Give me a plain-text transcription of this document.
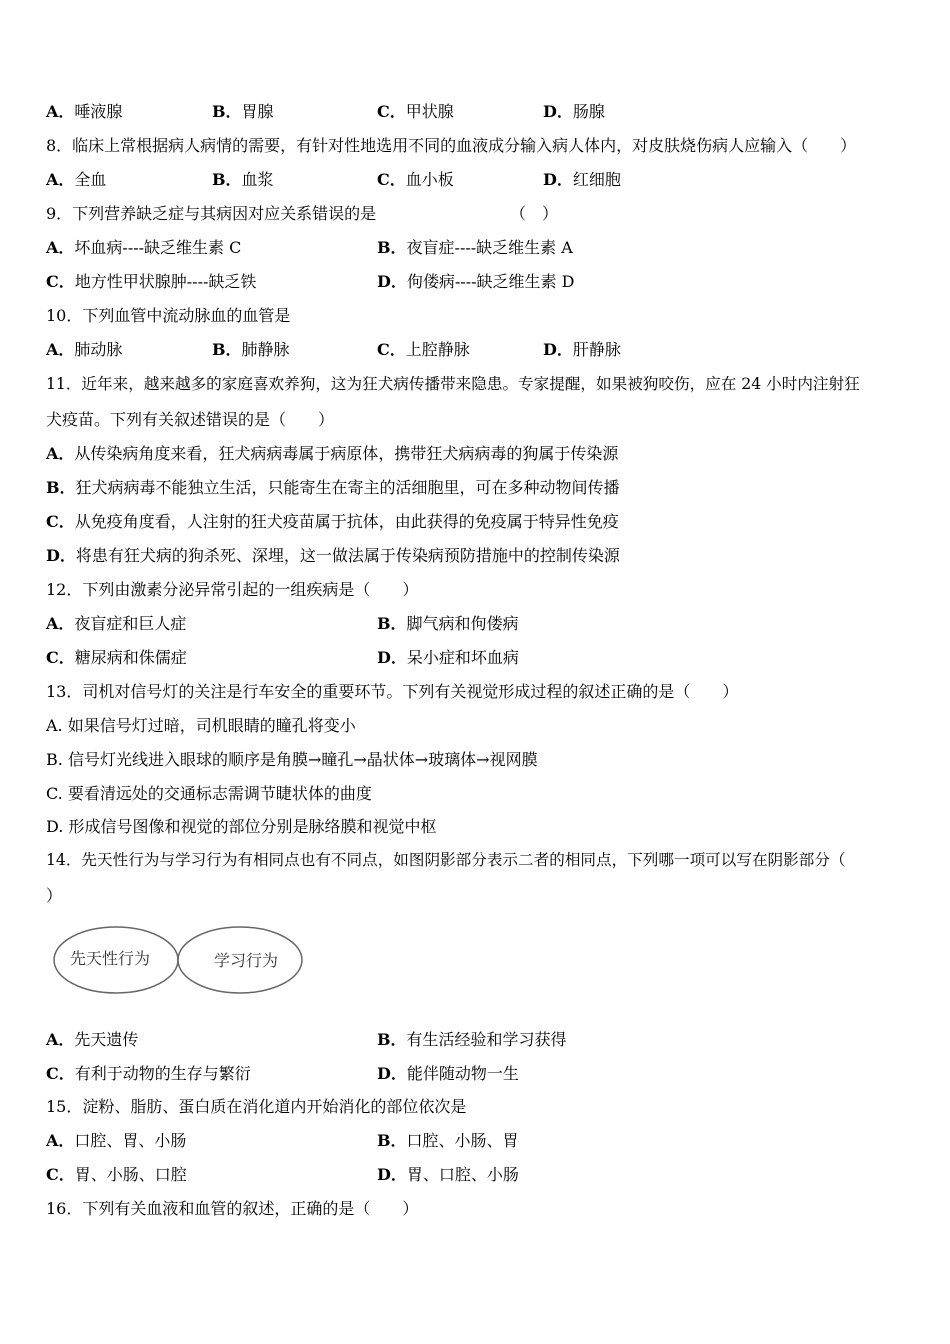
A．唾液腺	B．胃腺	C．甲状腺	D．肠腺
8．临床上常根据病人病情的需要，有针对性地选用不同的血液成分输入病人体内，对皮肤烧伤病人应输入（　　）
A．全血	B．血浆	C．血小板	D．红细胞
9．下列营养缺乏症与其病因对应关系错误的是	（　）
A．坏血病----缺乏维生素 C	B．夜盲症----缺乏维生素 A
C．地方性甲状腺肿----缺乏铁	D．佝偻病----缺乏维生素 D
10．下列血管中流动脉血的血管是
A．肺动脉	B．肺静脉	C．上腔静脉	D．肝静脉
11．近年来，越来越多的家庭喜欢养狗，这为狂犬病传播带来隐患。专家提醒，如果被狗咬伤，应在 24 小时内注射狂
犬疫苗。下列有关叙述错误的是（　　）
A．从传染病角度来看，狂犬病病毒属于病原体，携带狂犬病病毒的狗属于传染源
B．狂犬病病毒不能独立生活，只能寄生在寄主的活细胞里，可在多种动物间传播
C．从免疫角度看，人注射的狂犬疫苗属于抗体，由此获得的免疫属于特异性免疫
D．将患有狂犬病的狗杀死、深埋，这一做法属于传染病预防措施中的控制传染源
12．下列由激素分泌异常引起的一组疾病是（　　）
A．夜盲症和巨人症	B．脚气病和佝偻病
C．糖尿病和侏儒症	D．呆小症和坏血病
13．司机对信号灯的关注是行车安全的重要环节。下列有关视觉形成过程的叙述正确的是（　　）
A. 如果信号灯过暗，司机眼睛的瞳孔将变小
B. 信号灯光线进入眼球的顺序是角膜→瞳孔→晶状体→玻璃体→视网膜
C. 要看清远处的交通标志需调节睫状体的曲度
D. 形成信号图像和视觉的部位分别是脉络膜和视觉中枢
14．先天性行为与学习行为有相同点也有不同点，如图阴影部分表示二者的相同点，下列哪一项可以写在阴影部分（
）
先天性行为	学习行为
A．先天遗传	B．有生活经验和学习获得
C．有利于动物的生存与繁衍	D．能伴随动物一生
15．淀粉、脂肪、蛋白质在消化道内开始消化的部位依次是
A．口腔、胃、小肠	B．口腔、小肠、胃
C．胃、小肠、口腔	D．胃、口腔、小肠
16．下列有关血液和血管的叙述，正确的是（　　）
